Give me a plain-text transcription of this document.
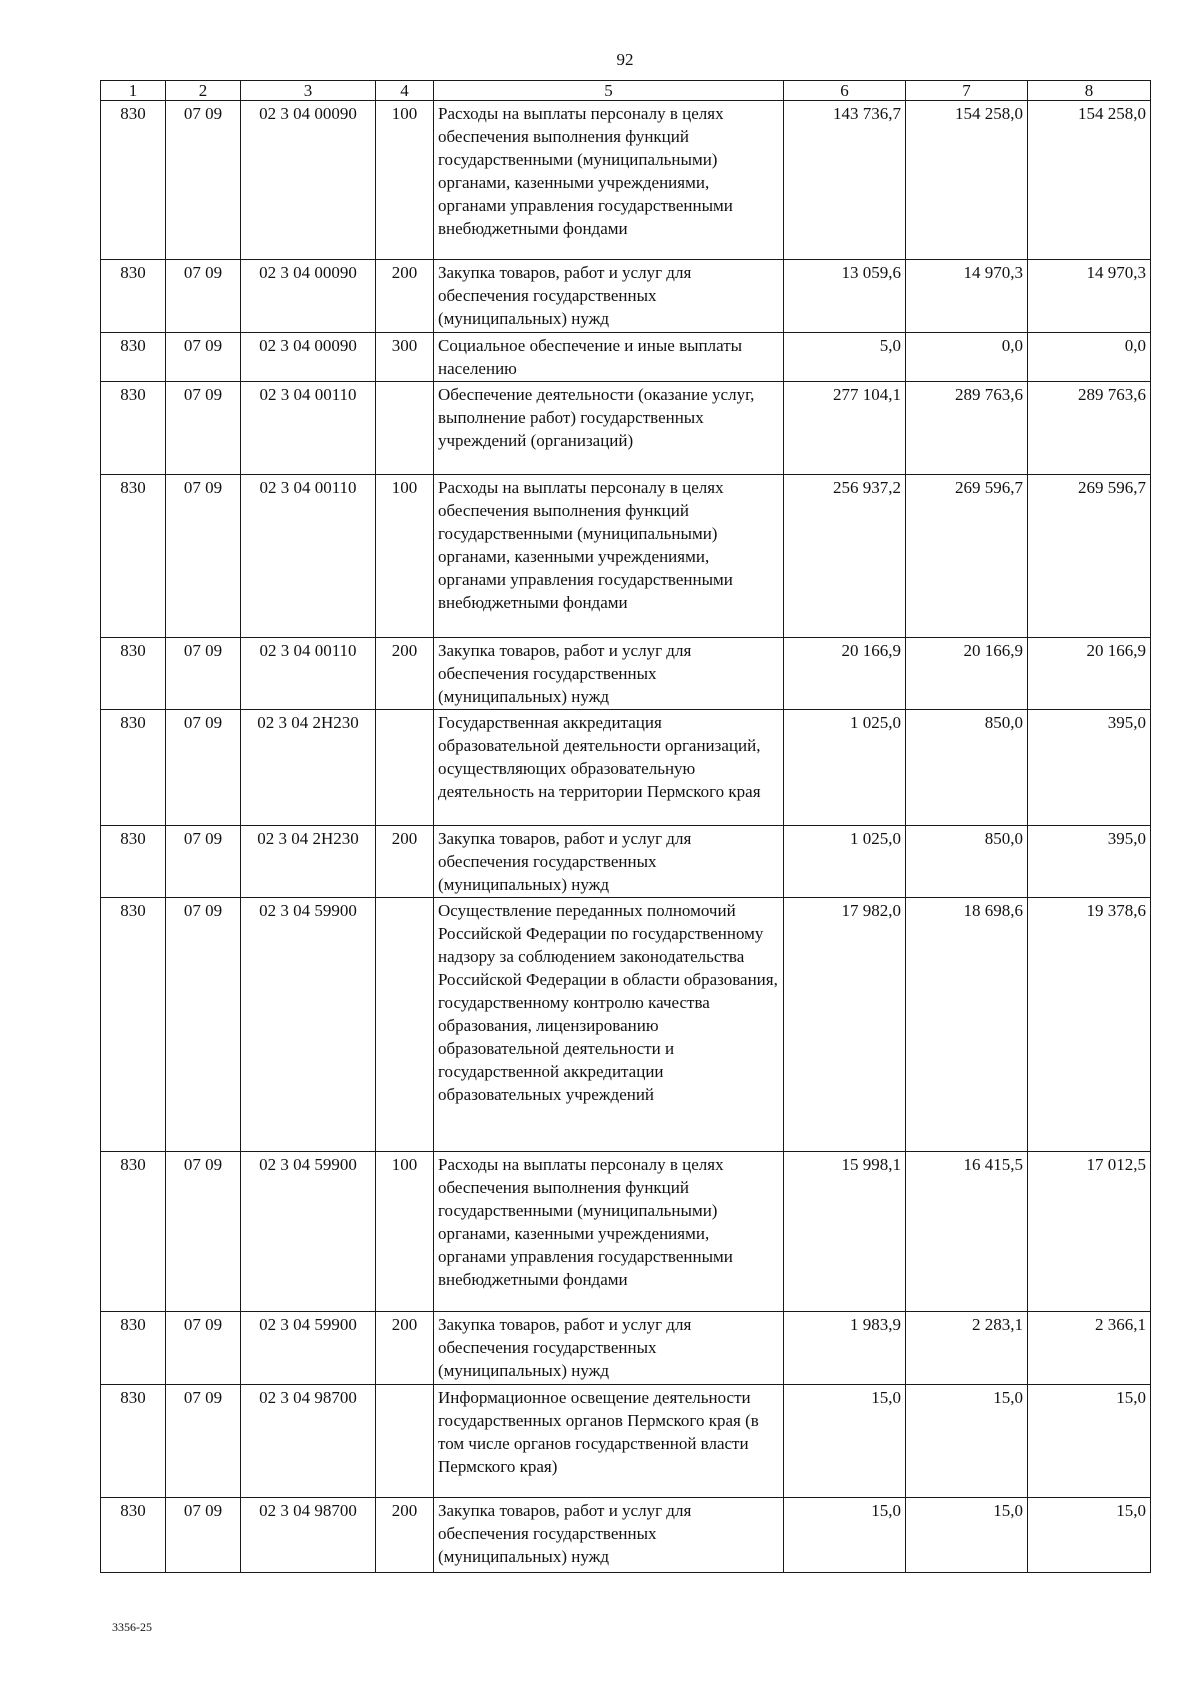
92
1	2	3	4	5	6	7	8
830	07 09	02 3 04 00090	100	Расходы на выплаты персоналу в целях обеспечения выполнения функций государственными (муниципальными) органами, казенными учреждениями, органами управления государственными внебюджетными фондами	143 736,7	154 258,0	154 258,0
830	07 09	02 3 04 00090	200	Закупка товаров, работ и услуг для обеспечения государственных (муниципальных) нужд	13 059,6	14 970,3	14 970,3
830	07 09	02 3 04 00090	300	Социальное обеспечение и иные выплаты населению	5,0	0,0	0,0
830	07 09	02 3 04 00110		Обеспечение деятельности (оказание услуг, выполнение работ) государственных учреждений (организаций)	277 104,1	289 763,6	289 763,6
830	07 09	02 3 04 00110	100	Расходы на выплаты персоналу в целях обеспечения выполнения функций государственными (муниципальными) органами, казенными учреждениями, органами управления государственными внебюджетными фондами	256 937,2	269 596,7	269 596,7
830	07 09	02 3 04 00110	200	Закупка товаров, работ и услуг для обеспечения государственных (муниципальных) нужд	20 166,9	20 166,9	20 166,9
830	07 09	02 3 04 2Н230		Государственная аккредитация образовательной деятельности организаций, осуществляющих образовательную деятельность на территории Пермского края	1 025,0	850,0	395,0
830	07 09	02 3 04 2Н230	200	Закупка товаров, работ и услуг для обеспечения государственных (муниципальных) нужд	1 025,0	850,0	395,0
830	07 09	02 3 04 59900		Осуществление переданных полномочий Российской Федерации по государственному надзору за соблюдением законодательства Российской Федерации в области образования, государственному контролю качества образования, лицензированию образовательной деятельности и государственной аккредитации образовательных учреждений	17 982,0	18 698,6	19 378,6
830	07 09	02 3 04 59900	100	Расходы на выплаты персоналу в целях обеспечения выполнения функций государственными (муниципальными) органами, казенными учреждениями, органами управления государственными внебюджетными фондами	15 998,1	16 415,5	17 012,5
830	07 09	02 3 04 59900	200	Закупка товаров, работ и услуг для обеспечения государственных (муниципальных) нужд	1 983,9	2 283,1	2 366,1
830	07 09	02 3 04 98700		Информационное освещение деятельности государственных органов Пермского края (в том числе органов государственной власти Пермского края)	15,0	15,0	15,0
830	07 09	02 3 04 98700	200	Закупка товаров, работ и услуг для обеспечения государственных (муниципальных) нужд	15,0	15,0	15,0
3356-25
